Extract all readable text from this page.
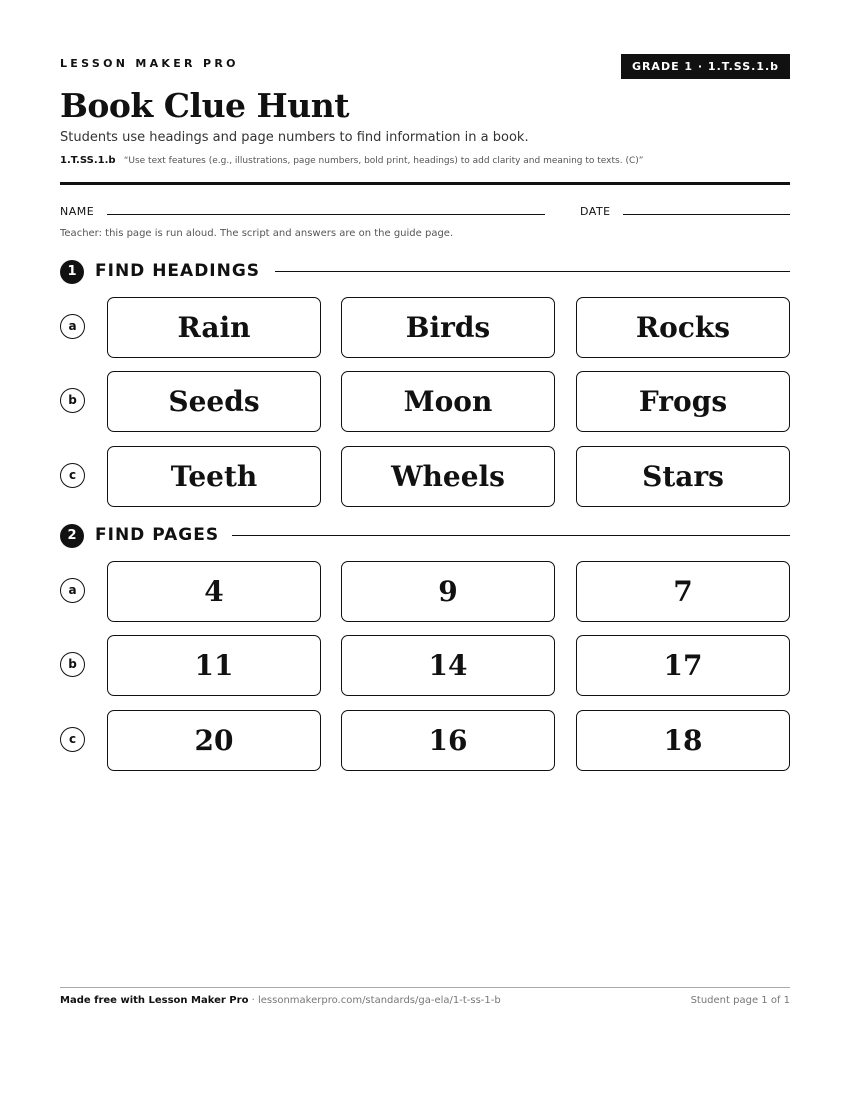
LESSON MAKER PRO	GRADE 1 · 1.T.SS.1.b
Book Clue Hunt
Students use headings and page numbers to find information in a book.
1.T.SS.1.b “Use text features (e.g., illustrations, page numbers, bold print, headings) to add clarity and meaning to texts. (C)”
NAME	DATE
Teacher: this page is run aloud. The script and answers are on the guide page.
1	FIND HEADINGS
a	Rain	Birds	Rocks
b	Seeds	Moon	Frogs
c	Teeth	Wheels	Stars
2	FIND PAGES
a	4	9	7
b	11	14	17
c	20	16	18
Made free with Lesson Maker Pro · lessonmakerpro.com/standards/ga-ela/1-t-ss-1-b	Student page 1 of 1
